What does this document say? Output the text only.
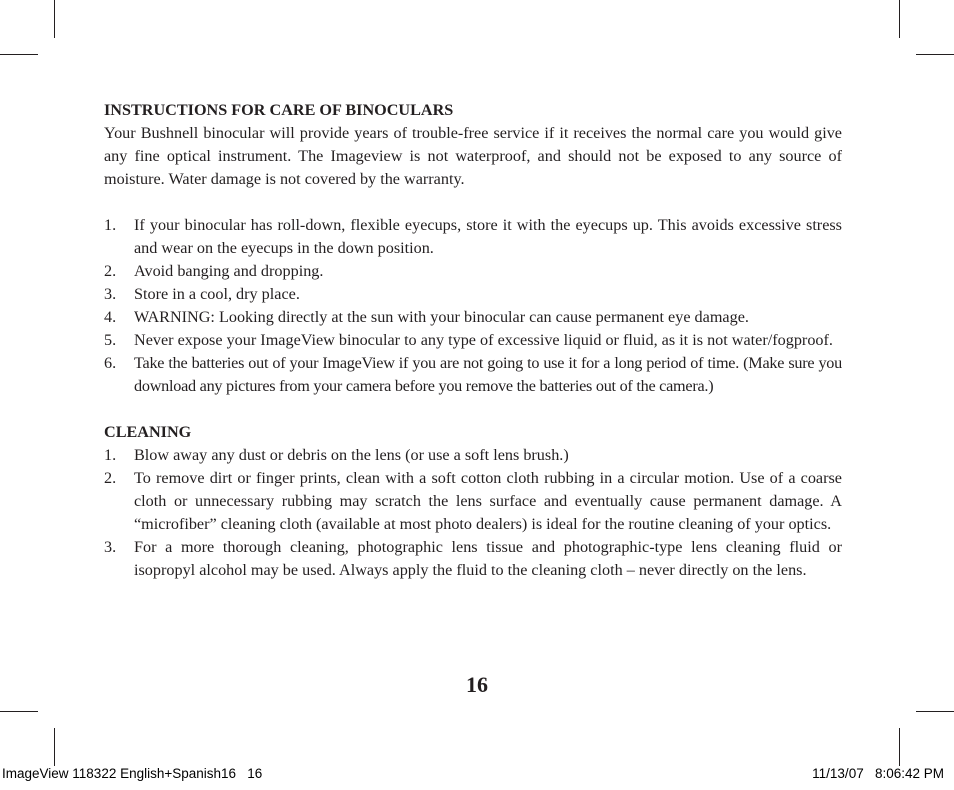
INSTRUCTIONS FOR CARE OF BINOCULARS

Your Bushnell binocular will provide years of trouble-free service if it receives the normal care you would give any fine optical instrument. The Imageview is not waterproof, and should not be exposed to any source of moisture. Water damage is not covered by the warranty.

1.	If your binocular has roll-down, flexible eyecups, store it with the eyecups up. This avoids excessive stress and wear on the eyecups in the down position.
2.	Avoid banging and dropping.
3.	Store in a cool, dry place.
4.	WARNING: Looking directly at the sun with your binocular can cause permanent eye damage.
5.	Never expose your ImageView binocular to any type of excessive liquid or fluid, as it is not water/fogproof.
6.	Take the batteries out of your ImageView if you are not going to use it for a long period of time. (Make sure you download any pictures from your camera before you remove the batteries out of the camera.)

CLEANING

1.	Blow away any dust or debris on the lens (or use a soft lens brush.)
2.	To remove dirt or finger prints, clean with a soft cotton cloth rubbing in a circular motion. Use of a coarse cloth or unnecessary rubbing may scratch the lens surface and eventually cause permanent damage. A “microfiber” cleaning cloth (available at most photo dealers) is ideal for the routine cleaning of your optics.
3.	For a more thorough cleaning, photographic lens tissue and photographic-type lens cleaning fluid or isopropyl alcohol may be used. Always apply the fluid to the cleaning cloth – never directly on the lens.
16
ImageView 118322 English+Spanish16   16	11/13/07   8:06:42 PM
